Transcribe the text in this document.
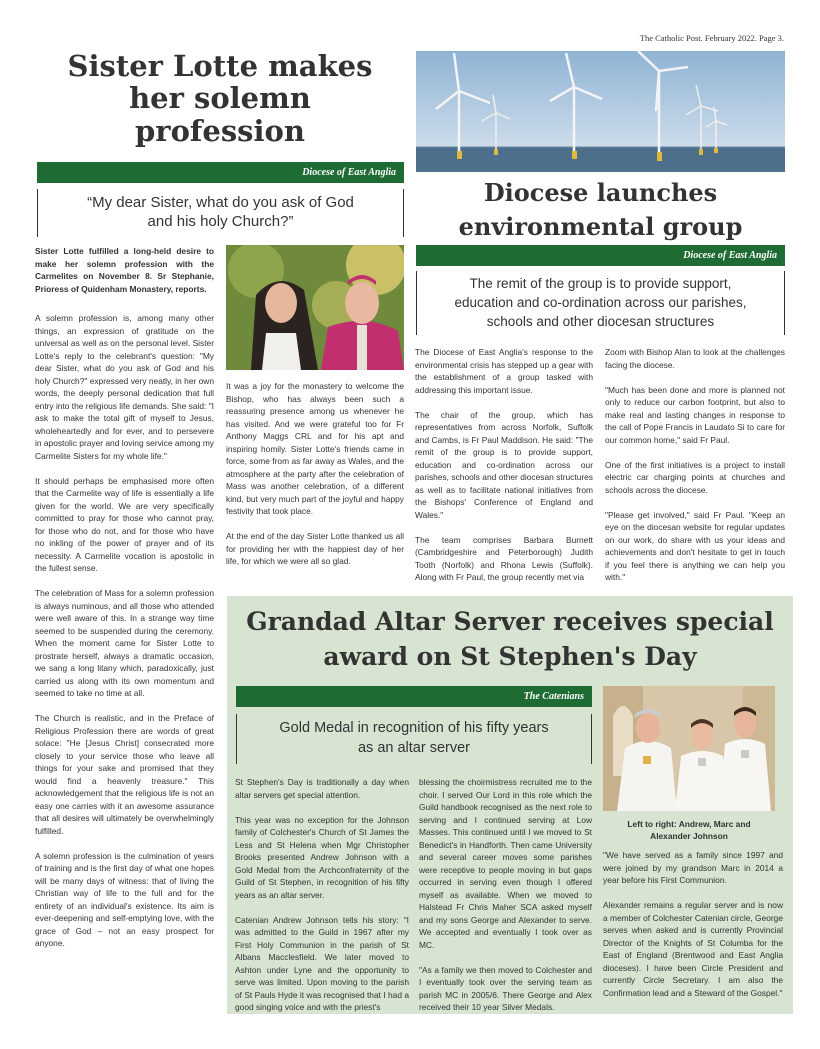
The Catholic Post. February 2022. Page 3.
Sister Lotte makes
her solemn
profession
Diocese of East Anglia
“My dear Sister, what do you ask of God
and his holy Church?”
Sister Lotte fulfilled a long-held desire to make her solemn profession with the Carmelites on November 8. Sr Stephanie, Prioress of Quidenham Monastery, reports.
A solemn profession is, among many other things, an expression of gratitude on the universal as well as on the personal level. Sister Lotte's reply to the celebrant's question: "My dear Sister, what do you ask of God and his holy Church?" expressed very neatly, in her own words, the deeply personal dedication that full entry into the religious life demands. She said: "I ask to make the total gift of myself to Jesus, wholeheartedly and for ever, and to persevere in apostolic prayer and loving service among my Carmelite Sisters for my whole life."

It should perhaps be emphasised more often that the Carmelite way of life is essentially a life given for the world. We are very specifically committed to pray for those who cannot pray, for those who do not, and for those who have no inkling of the power of prayer and of its necessity. A Carmelite vocation is apostolic in the fullest sense.

The celebration of Mass for a solemn profession is always numinous, and all those who attended were well aware of this. In a strange way time seemed to be suspended during the ceremony. When the moment came for Sister Lotte to prostrate herself, always a dramatic occasion, we sang a long litany which, paradoxically, just carried us along with its own momentum and seemed to take no time at all.

The Church is realistic, and in the Preface of Religious Profession there are words of great solace: "He [Jesus Christ] consecrated more closely to your service those who leave all things for your sake and promised that they would find a heavenly treasure." This acknowledgement that the religious life is not an easy one carries with it an awesome assurance that all desires will ultimately be overwhelmingly fulfilled.

A solemn profession is the culmination of years of training and is the first day of what one hopes will be many days of witness: that of living the Christian way of life to the full and for the entirety of an individual's existence. Its aim is ever-deepening and self-emptying love, with the grace of God – not an easy prospect for anyone.
It was a joy for the monastery to welcome the Bishop, who has always been such a reassuring presence among us whenever he has visited. And we were grateful too for Fr Anthony Maggs CRL and for his apt and inspiring homily. Sister Lotte's friends came in force, some from as far away as Wales, and the atmosphere at the party after the celebration of Mass was another celebration, of a different kind, but very much part of the joyful and happy festivity that took place.

At the end of the day Sister Lotte thanked us all for providing her with the happiest day of her life, for which we were all so glad.
Diocese launches
environmental group
Diocese of East Anglia
The remit of the group is to provide support,
education and co-ordination across our parishes,
schools and other diocesan structures
The Diocese of East Anglia's response to the environmental crisis has stepped up a gear with the establishment of a group tasked with addressing this important issue.

The chair of the group, which has representatives from across Norfolk, Suffolk and Cambs, is Fr Paul Maddison. He said: "The remit of the group is to provide support, education and co-ordination across our parishes, schools and other diocesan structures as well as to facilitate national initiatives from the Bishops' Conference of England and Wales."

The team comprises Barbara Burnett (Cambridgeshire and Peterborough) Judith Tooth (Norfolk) and Rhona Lewis (Suffolk). Along with Fr Paul, the group recently met via
Zoom with Bishop Alan to look at the challenges facing the diocese.

"Much has been done and more is planned not only to reduce our carbon footprint, but also to make real and lasting changes in response to the call of Pope Francis in Laudato Si to care for our common home," said Fr Paul.

One of the first initiatives is a project to install electric car charging points at churches and schools across the diocese.

"Please get involved," said Fr Paul. "Keep an eye on the diocesan website for regular updates on our work, do share with us your ideas and achievements and don't hesitate to get in touch if you feel there is anything we can help you with."
Grandad Altar Server receives special
award on St Stephen's Day
The Catenians
Gold Medal in recognition of his fifty years
as an altar server
St Stephen's Day is traditionally a day when altar servers get special attention.

This year was no exception for the Johnson family of Colchester's Church of St James the Less and St Helena when Mgr Christopher Brooks presented Andrew Johnson with a Gold Medal from the Archconfraternity of the Guild of St Stephen, in recognition of his fifty years as an altar server.

Catenian Andrew Johnson tells his story: "I was admitted to the Guild in 1967 after my First Holy Communion in the parish of St Albans Macclesfield. We later moved to Ashton under Lyne and the opportunity to serve was limited. Upon moving to the parish of St Pauls Hyde it was recognised that I had a good singing voice and with the priest's
blessing the choirmistress recruited me to the choir. I served Our Lord in this role which the Guild handbook recognised as the next role to serving and I continued serving at Low Masses. This continued until I we moved to St Benedict's in Handforth. Then came University and several career moves some parishes were receptive to people moving in but gaps occurred in serving even though I offered myself as available. When we moved to Halstead Fr Chris Maher SCA asked myself and my sons George and Alexander to serve. We accepted and eventually I took over as MC.

"As a family we then moved to Colchester and I eventually took over the serving team as parish MC in 2005/6. There George and Alex received their 10 year Silver Medals.
Left to right: Andrew, Marc and Alexander Johnson
"We have served as a family since 1997 and were joined by my grandson Marc in 2014 a year before his First Communion.

Alexander remains a regular server and is now a member of Colchester Catenian circle, George serves when asked and is currently Provincial Director of the Knights of St Columba for the East of England (Brentwood and East Anglia dioceses). I have been Circle President and currently Circle Secretary. I am also the Confirmation lead and a Steward of the Gospel."
